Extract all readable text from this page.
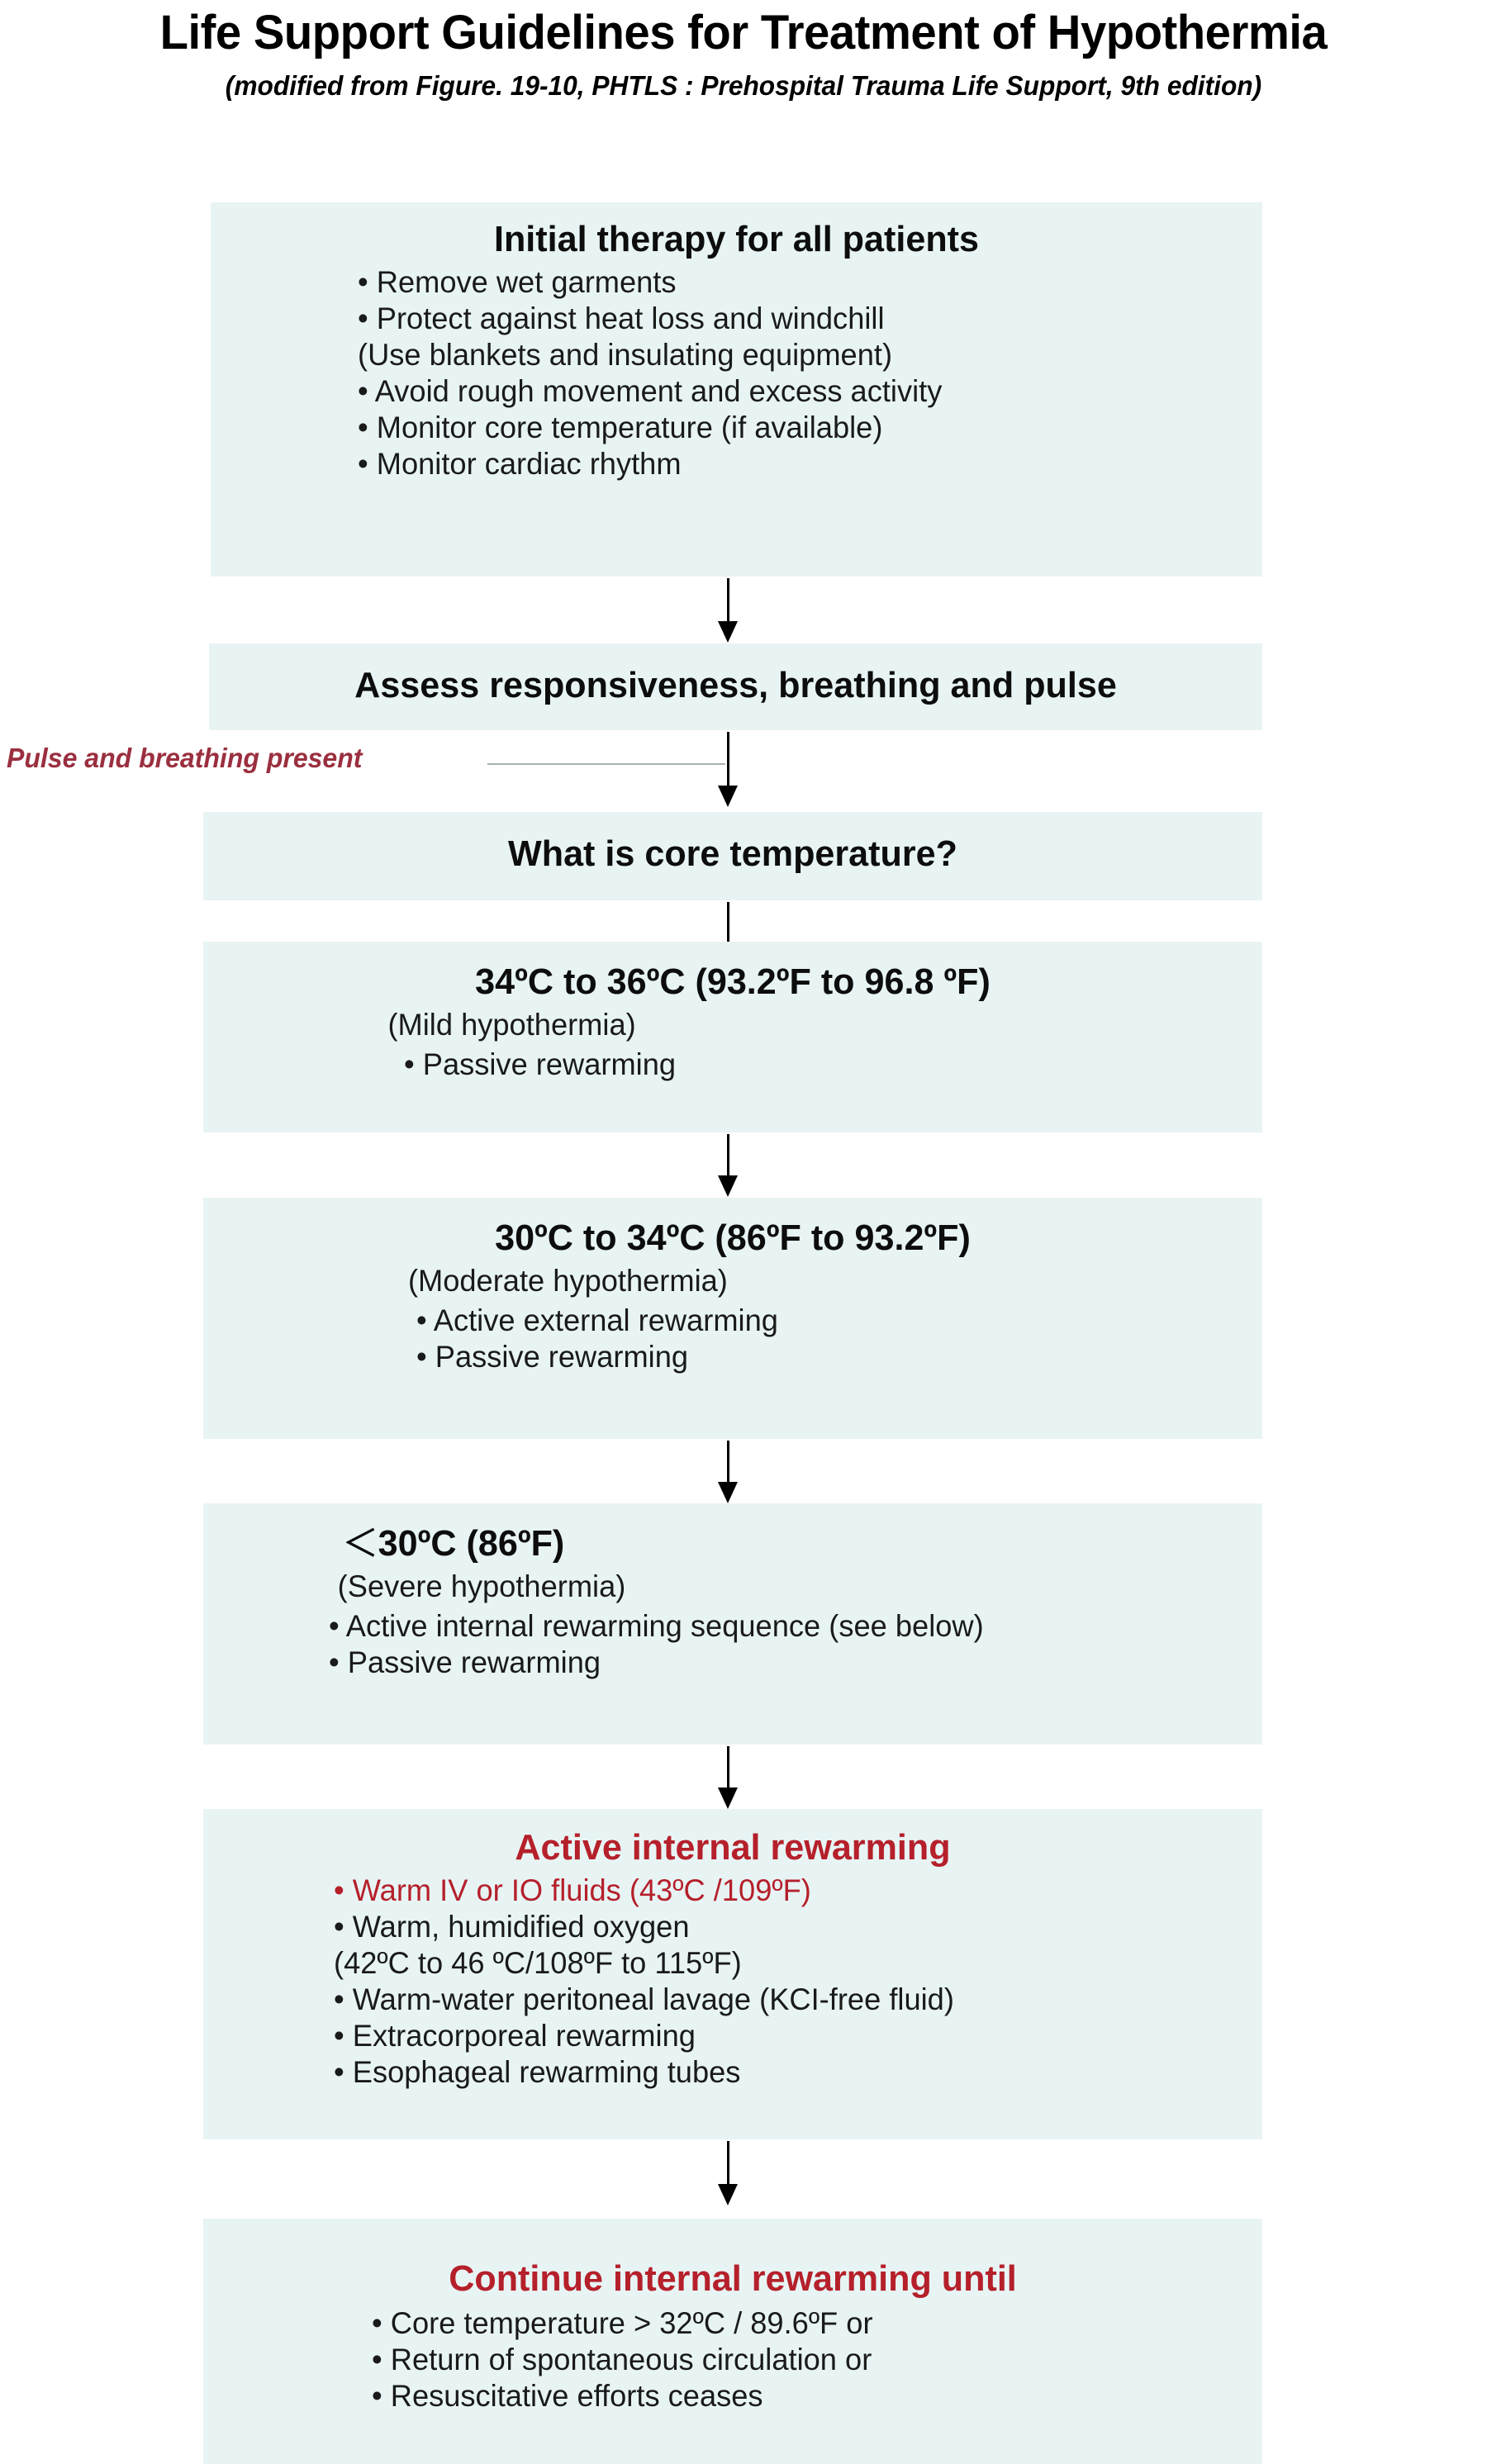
Life Support Guidelines for Treatment of Hypothermia
(modified from Figure. 19-10, PHTLS : Prehospital Trauma Life Support, 9th edition)
Initial therapy for all patients
• Remove wet garments
• Protect against heat loss and windchill
(Use blankets and insulating equipment)
• Avoid rough movement and excess activity
• Monitor core temperature (if available)
• Monitor cardiac rhythm
Assess responsiveness, breathing and pulse
Pulse and breathing present
What is core temperature?
34ºC to 36ºC (93.2ºF to 96.8 ºF)
(Mild hypothermia)
• Passive rewarming
30ºC to 34ºC (86ºF to 93.2ºF)
(Moderate hypothermia)
• Active external rewarming
• Passive rewarming
＜30ºC (86ºF)
(Severe hypothermia)
• Active internal rewarming sequence (see below)
• Passive rewarming
Active internal rewarming
• Warm IV or IO fluids (43ºC /109ºF)
• Warm, humidified oxygen
(42ºC to 46 ºC/108ºF to 115ºF)
• Warm-water peritoneal lavage (KCI-free fluid)
• Extracorporeal rewarming
• Esophageal rewarming tubes
Continue internal rewarming until
• Core temperature > 32ºC / 89.6ºF or
• Return of spontaneous circulation or
• Resuscitative efforts ceases
